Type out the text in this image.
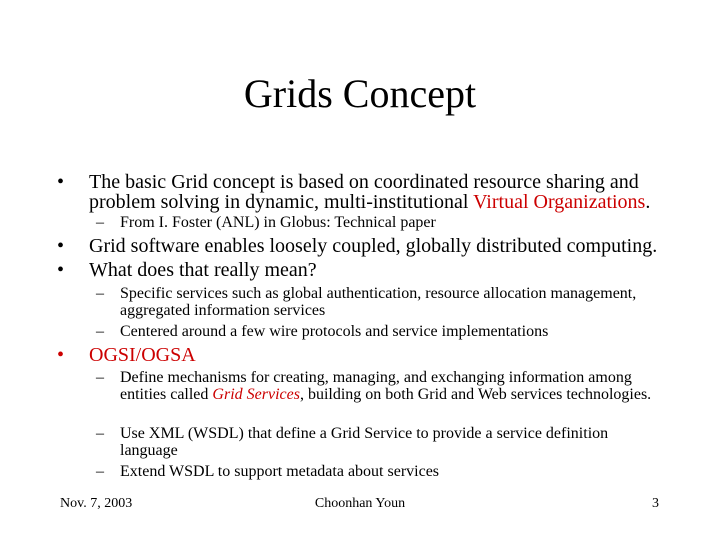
Grids Concept
•	The basic Grid concept is based on coordinated resource sharing and problem solving in dynamic, multi-institutional Virtual Organizations.
– From I. Foster (ANL) in Globus: Technical paper
•	Grid software enables loosely coupled, globally distributed computing.
•	What does that really mean?
– Specific services such as global authentication, resource allocation management, aggregated information services
– Centered around a few wire protocols and service implementations
•	OGSI/OGSA
– Define mechanisms for creating, managing, and exchanging information among entities called Grid Services, building on both Grid and Web services technologies.
– Use XML (WSDL) that define a Grid Service to provide a service definition language
– Extend WSDL to support metadata about services
Nov. 7, 2003	Choonhan Youn	3
